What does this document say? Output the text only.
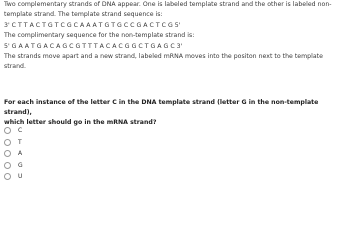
Two complementary strands of DNA appear. One is labeled template strand and the other is labeled non-
template strand. The template strand sequence is:
3' C T T A C T G T C G C A A A T G T G C C G A C T C G 5'
The complimentary sequence for the non-template strand is:
5' G A A T G A C A G C G T T T A C A C G G C T G A G C 3'
The strands move apart and a new strand, labeled mRNA moves into the positon next to the template
strand.
For each instance of the letter C in the DNA template strand (letter G in the non-template strand),
which letter should go in the mRNA strand?
C
T
A
G
U
